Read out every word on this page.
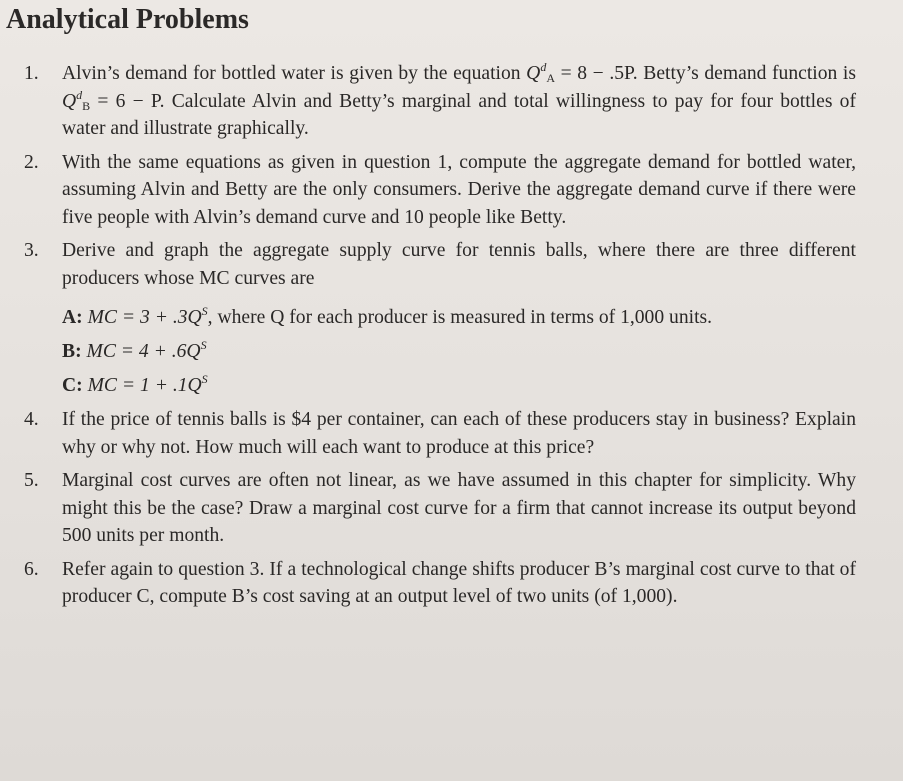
Analytical Problems
1. Alvin’s demand for bottled water is given by the equation $Q^d_A = 8 - .5P$. Betty’s demand function is $Q^d_B = 6 - P$. Calculate Alvin and Betty’s marginal and total willingness to pay for four bottles of water and illustrate graphically.
2. With the same equations as given in question 1, compute the aggregate demand for bottled water, assuming Alvin and Betty are the only consumers. Derive the aggregate demand curve if there were five people with Alvin’s demand curve and 10 people like Betty.
3. Derive and graph the aggregate supply curve for tennis balls, where there are three different producers whose MC curves are
A: MC = $3 + .3Q^S$, where Q for each producer is measured in terms of 1,000 units.
B: MC = $4 + .6Q^S$
C: MC = $1 + .1Q^S$
4. If the price of tennis balls is $4 per container, can each of these producers stay in business? Explain why or why not. How much will each want to produce at this price?
5. Marginal cost curves are often not linear, as we have assumed in this chapter for simplicity. Why might this be the case? Draw a marginal cost curve for a firm that cannot increase its output beyond 500 units per month.
6. Refer again to question 3. If a technological change shifts producer B’s marginal cost curve to that of producer C, compute B’s cost saving at an output level of two units (of 1,000).
